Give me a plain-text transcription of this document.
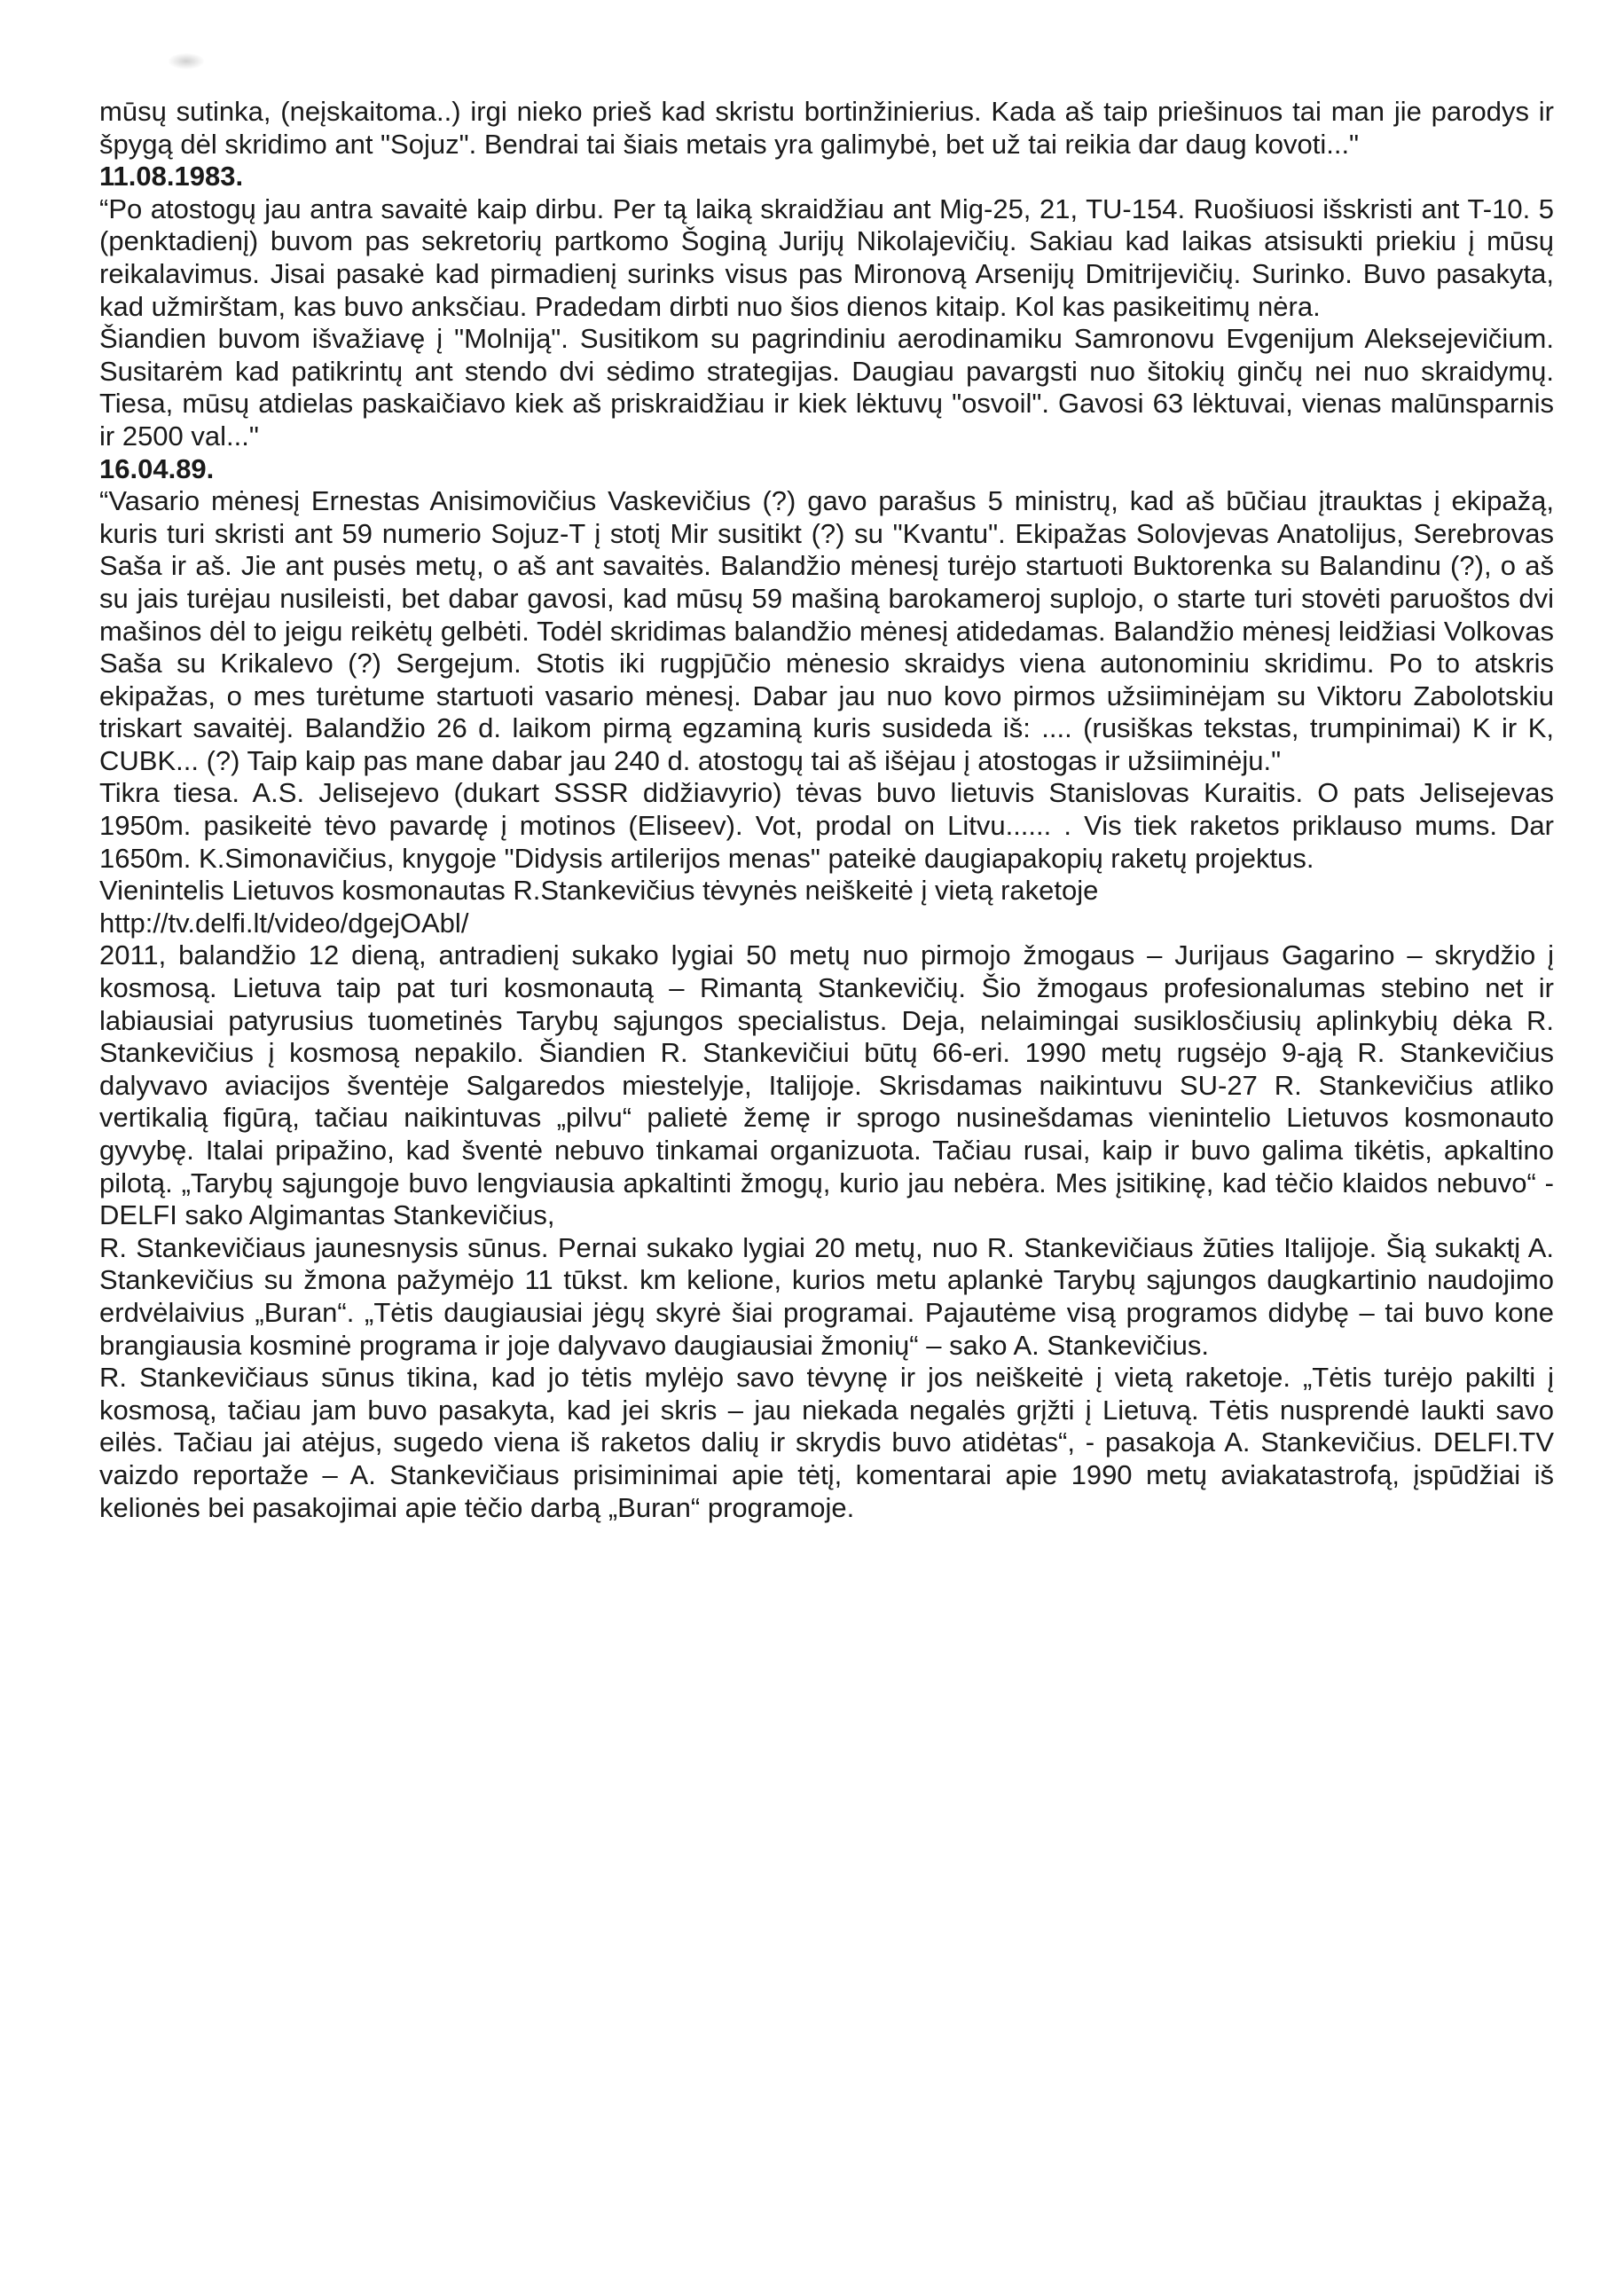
mūsų sutinka, (neįskaitoma..) irgi nieko prieš kad skristu bortinžinierius. Kada aš taip priešinuos tai man jie parodys ir špygą dėl skridimo ant "Sojuz". Bendrai tai šiais metais yra galimybė, bet už tai reikia dar daug kovoti..."

11.08.1983.

“Po atostogų jau antra savaitė kaip dirbu. Per tą laiką skraidžiau ant Mig-25, 21, TU-154. Ruošiuosi išskristi ant T-10. 5 (penktadienį) buvom pas sekretorių partkomo Šoginą Jurijų Nikolajevičių. Sakiau kad laikas atsisukti priekiu į mūsų reikalavimus. Jisai pasakė kad pirmadienį surinks visus pas Mironovą Arsenijų Dmitrijevičių. Surinko. Buvo pasakyta, kad užmirštam, kas buvo anksčiau. Pradedam dirbti nuo šios dienos kitaip. Kol kas pasikeitimų nėra.

Šiandien buvom išvažiavę į "Molniją". Susitikom su pagrindiniu aerodinamiku Samronovu Evgenijum Aleksejevičium. Susitarėm kad patikrintų ant stendo dvi sėdimo strategijas. Daugiau pavargsti nuo šitokių ginčų nei nuo skraidymų. Tiesa, mūsų atdielas paskaičiavo kiek aš priskraidžiau ir kiek lėktuvų "osvoil". Gavosi 63 lėktuvai, vienas malūnsparnis ir 2500 val..."

16.04.89.

“Vasario mėnesį Ernestas Anisimovičius Vaskevičius (?) gavo parašus 5 ministrų, kad aš būčiau įtrauktas į ekipažą, kuris turi skristi ant 59 numerio Sojuz-T į stotį Mir susitikt (?) su "Kvantu". Ekipažas Solovjevas Anatolijus, Serebrovas Saša ir aš. Jie ant pusės metų, o aš ant savaitės. Balandžio mėnesį turėjo startuoti Buktorenka su Balandinu (?), o aš su jais turėjau nusileisti, bet dabar gavosi, kad mūsų 59 mašiną barokameroj suplojo, o starte turi stovėti paruoštos dvi mašinos dėl to jeigu reikėtų gelbėti. Todėl skridimas balandžio mėnesį atidedamas. Balandžio mėnesį leidžiasi Volkovas Saša su Krikalevo (?) Sergejum. Stotis iki rugpjūčio mėnesio skraidys viena autonominiu skridimu. Po to atskris ekipažas, o mes turėtume startuoti vasario mėnesį. Dabar jau nuo kovo pirmos užsiiminėjam su Viktoru Zabolotskiu triskart savaitėj. Balandžio 26 d. laikom pirmą egzaminą kuris susideda iš: .... (rusiškas tekstas, trumpinimai) K ir K, CUBK... (?) Taip kaip pas mane dabar jau 240 d. atostogų tai aš išėjau į atostogas ir užsiiminėju."

Tikra tiesa. A.S. Jelisejevo (dukart SSSR didžiavyrio) tėvas buvo lietuvis Stanislovas Kuraitis. O pats Jelisejevas 1950m. pasikeitė tėvo pavardę į motinos (Eliseev). Vot, prodal on Litvu...... . Vis tiek raketos priklauso mums. Dar 1650m. K.Simonavičius, knygoje "Didysis artilerijos menas" pateikė daugiapakopių raketų projektus.

Vienintelis Lietuvos kosmonautas R.Stankevičius tėvynės neiškeitė į vietą raketoje

http://tv.delfi.lt/video/dgejOAbl/

2011, balandžio 12 dieną, antradienį sukako lygiai 50 metų nuo pirmojo žmogaus – Jurijaus Gagarino – skrydžio į kosmosą. Lietuva taip pat turi kosmonautą – Rimantą Stankevičių. Šio žmogaus profesionalumas stebino net ir labiausiai patyrusius tuometinės Tarybų sąjungos specialistus. Deja, nelaimingai susiklosčiusių aplinkybių dėka R. Stankevičius į kosmosą nepakilo. Šiandien R. Stankevičiui būtų 66-eri. 1990 metų rugsėjo 9-ąją R. Stankevičius dalyvavo aviacijos šventėje Salgaredos miestelyje, Italijoje. Skrisdamas naikintuvu SU-27 R. Stankevičius atliko vertikalią figūrą, tačiau naikintuvas „pilvu“ palietė žemę ir sprogo nusinešdamas vienintelio Lietuvos kosmonauto gyvybę. Italai pripažino, kad šventė nebuvo tinkamai organizuota. Tačiau rusai, kaip ir buvo galima tikėtis, apkaltino pilotą. „Tarybų sąjungoje buvo lengviausia apkaltinti žmogų, kurio jau nebėra. Mes įsitikinę, kad tėčio klaidos nebuvo“ - DELFI sako Algimantas Stankevičius,

R. Stankevičiaus jaunesnysis sūnus. Pernai sukako lygiai 20 metų, nuo R. Stankevičiaus žūties Italijoje. Šią sukaktį A. Stankevičius su žmona pažymėjo 11 tūkst. km kelione, kurios metu aplankė Tarybų sąjungos daugkartinio naudojimo erdvėlaivius „Buran“. „Tėtis daugiausiai jėgų skyrė šiai programai. Pajautėme visą programos didybę – tai buvo kone brangiausia kosminė programa ir joje dalyvavo daugiausiai žmonių“ – sako A. Stankevičius.

R. Stankevičiaus sūnus tikina, kad jo tėtis mylėjo savo tėvynę ir jos neiškeitė į vietą raketoje. „Tėtis turėjo pakilti į kosmosą, tačiau jam buvo pasakyta, kad jei skris – jau niekada negalės grįžti į Lietuvą. Tėtis nusprendė laukti savo eilės. Tačiau jai atėjus, sugedo viena iš raketos dalių ir skrydis buvo atidėtas“, - pasakoja A. Stankevičius. DELFI.TV vaizdo reportaže – A. Stankevičiaus prisiminimai apie tėtį, komentarai apie 1990 metų aviakatastrofą, įspūdžiai iš kelionės bei pasakojimai apie tėčio darbą „Buran“ programoje.
